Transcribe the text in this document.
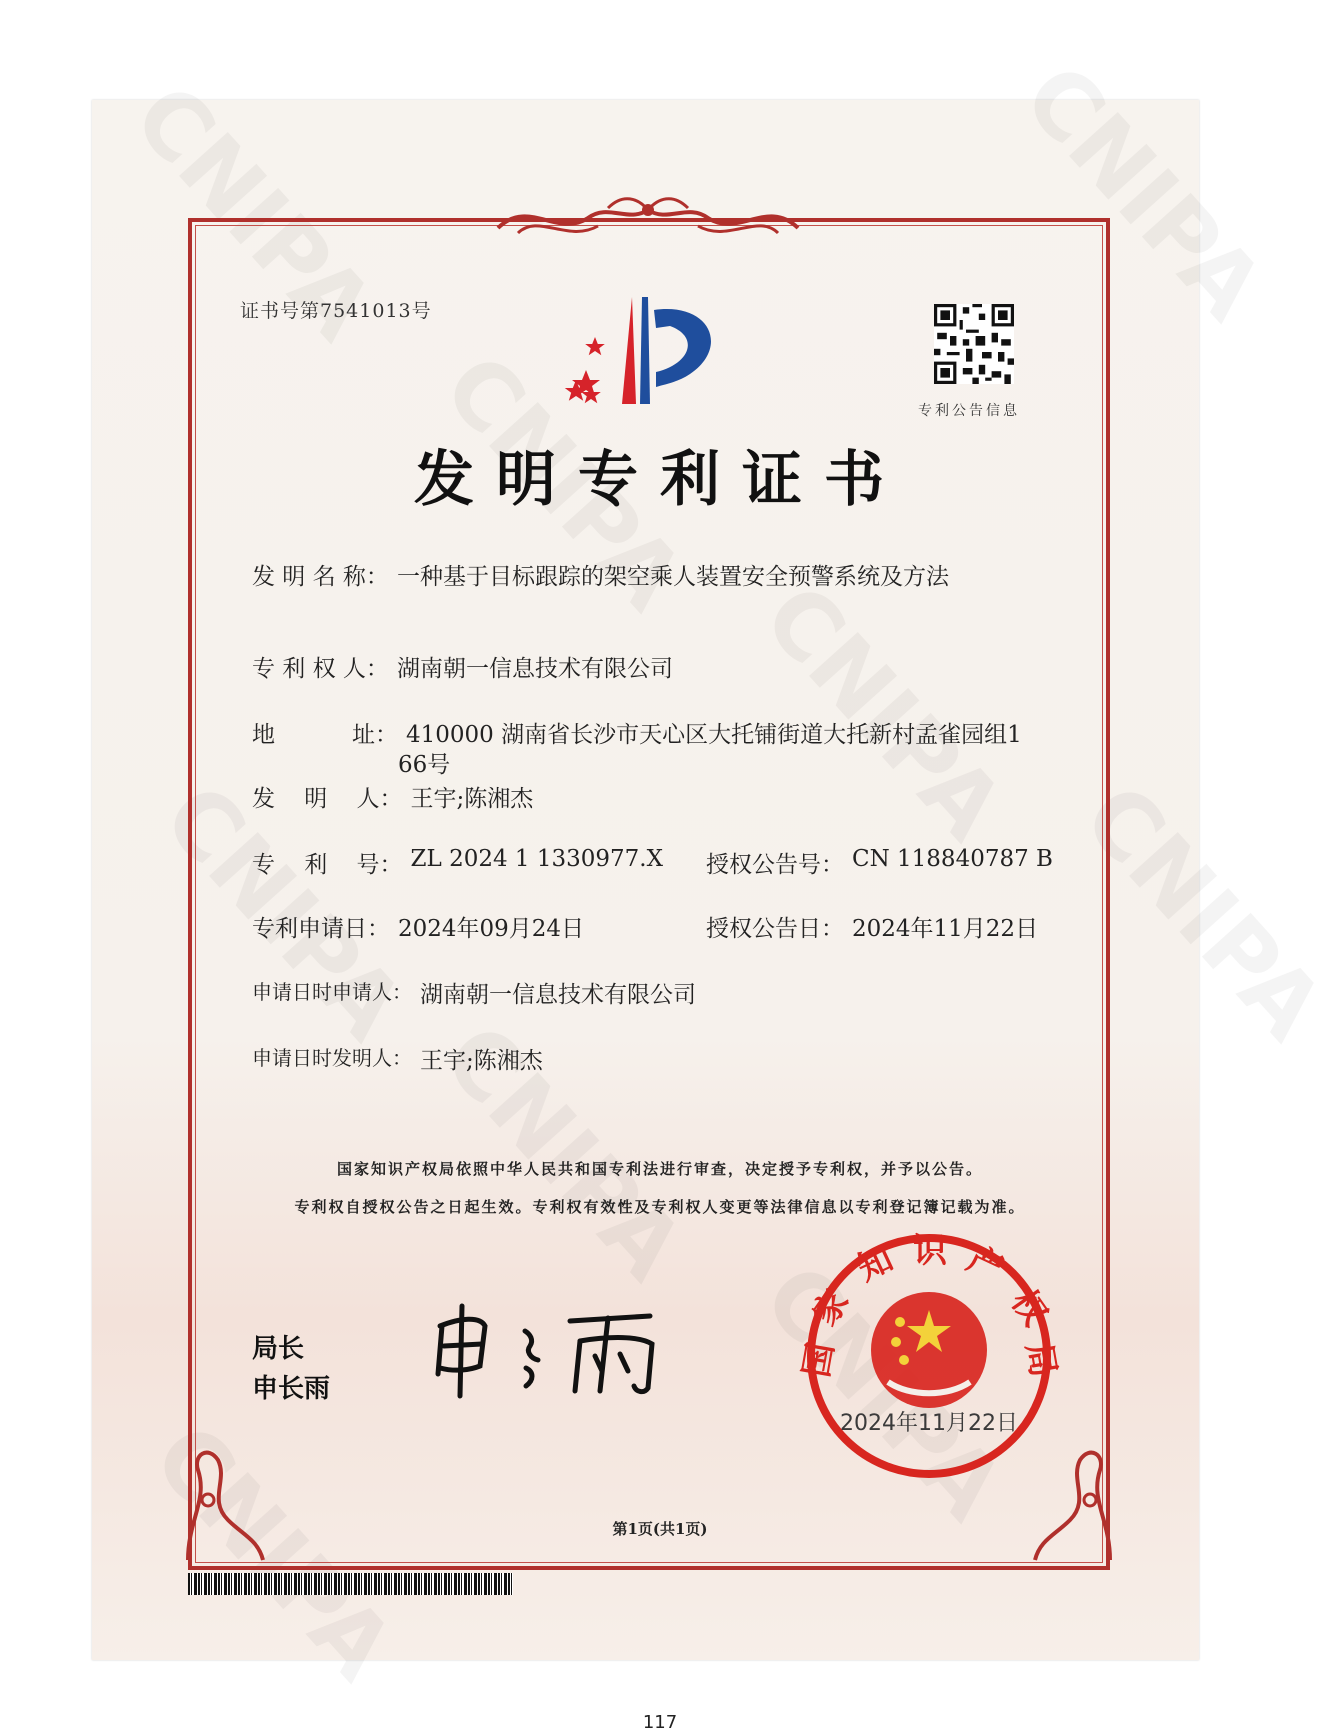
证书号第7541013号
专利公告信息
发明专利证书
发 明 名 称： 一种基于目标跟踪的架空乘人装置安全预警系统及方法
专 利 权 人： 湖南朝一信息技术有限公司
地	址： 410000 湖南省长沙市天心区大托铺街道大托新村孟雀园组1
66号
发    明    人： 王宇;陈湘杰
专    利    号： ZL 2024 1 1330977.X 授权公告号： CN 118840787 B
专利申请日： 2024年09月24日	授权公告日： 2024年11月22日
申请日时申请人： 湖南朝一信息技术有限公司
申请日时发明人： 王宇;陈湘杰
国家知识产权局依照中华人民共和国专利法进行审查，决定授予专利权，并予以公告。
专利权自授权公告之日起生效。专利权有效性及专利权人变更等法律信息以专利登记簿记载为准。
局长
申长雨
国
家
知 识 产
权
局
2024年11月22日
第1页(共1页)
117
